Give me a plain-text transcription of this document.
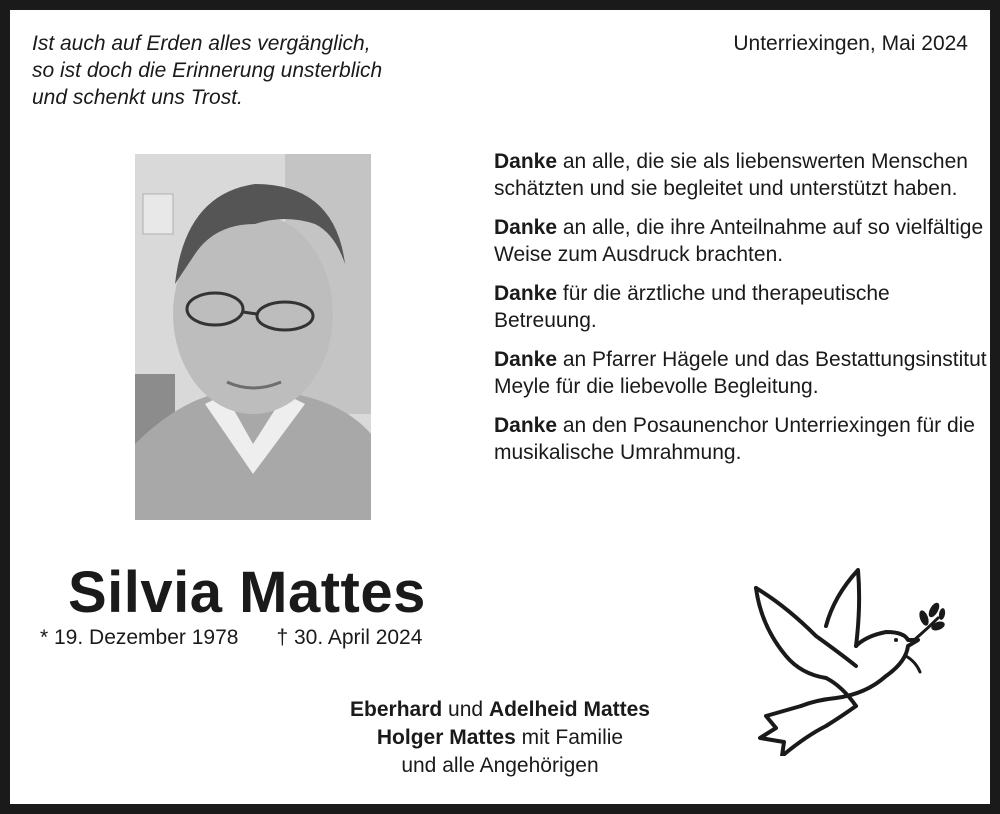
Ist auch auf Erden alles vergänglich,
so ist doch die Erinnerung unsterblich
und schenkt uns Trost.
Unterriexingen, Mai 2024

Danke an alle, die sie als liebenswerten Menschen schätzten und sie begleitet und unterstützt haben.

Danke an alle, die ihre Anteilnahme auf so vielfältige Weise zum Ausdruck brachten.

Danke für die ärztliche und therapeutische Betreuung.

Danke an Pfarrer Hägele und das Bestattungsinstitut Meyle für die liebevolle Begleitung.

Danke an den Posaunenchor Unterriexingen für die musikalische Umrahmung.

Silvia Mattes
* 19. Dezember 1978 † 30. April 2024
Eberhard und Adelheid Mattes
Holger Mattes mit Familie
und alle Angehörigen
